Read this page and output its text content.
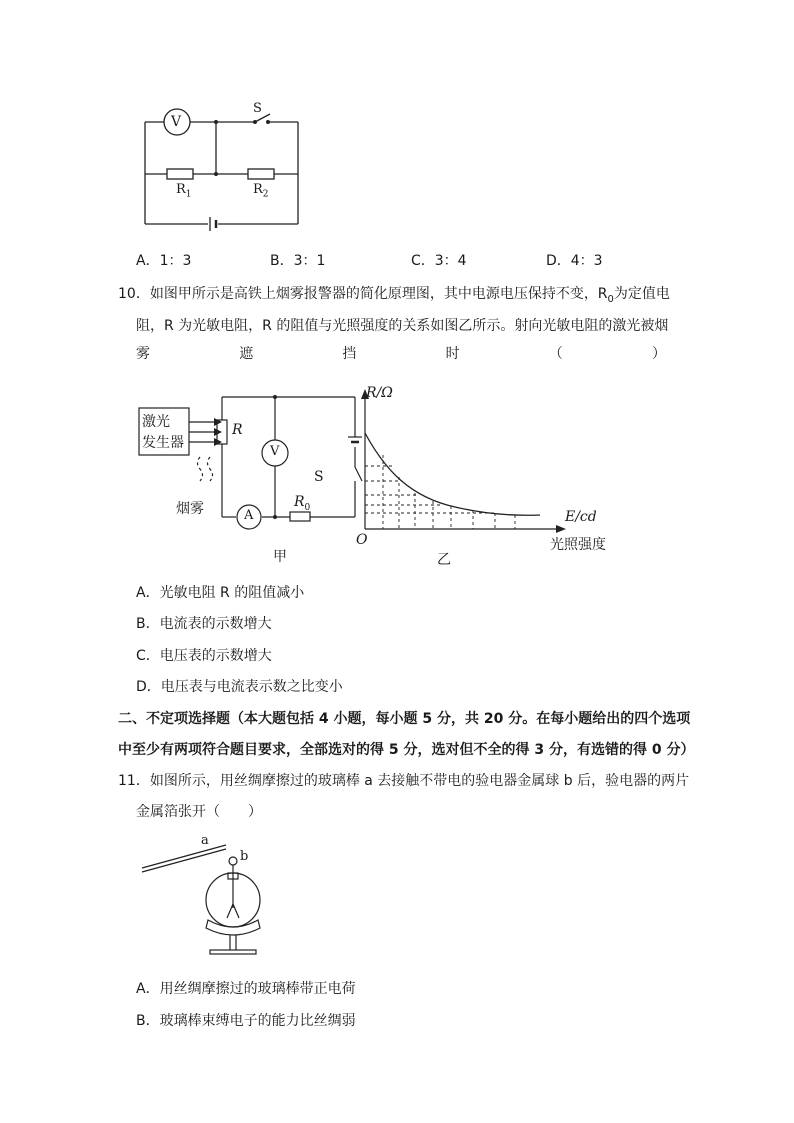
V
S
$R_1$	$R_2$
A．1：3	B．3：1	C．3：4	D．4：3
10．如图甲所示是高铁上烟雾报警器的简化原理图，其中电源电压保持不变，$R_0$为定值电
阻，R 为光敏电阻，R 的阻值与光照强度的关系如图乙所示。射向光敏电阻的激光被烟
雾	遮	挡	时	（	）
激光
发生器
R
V
A
S
$R_0$
烟雾
甲
R/Ω
E/cd
O	光照强度
乙
A．光敏电阻 R 的阻值减小
B．电流表的示数增大
C．电压表的示数增大
D．电压表与电流表示数之比变小
二、不定项选择题（本大题包括 4 小题，每小题 5 分，共 20 分。在每小题给出的四个选项
中至少有两项符合题目要求，全部选对的得 5 分，选对但不全的得 3 分，有选错的得 0 分）
11．如图所示，用丝绸摩擦过的玻璃棒 a 去接触不带电的验电器金属球 b 后，验电器的两片
金属箔张开（　　）
a
b
A．用丝绸摩擦过的玻璃棒带正电荷
B．玻璃棒束缚电子的能力比丝绸弱
